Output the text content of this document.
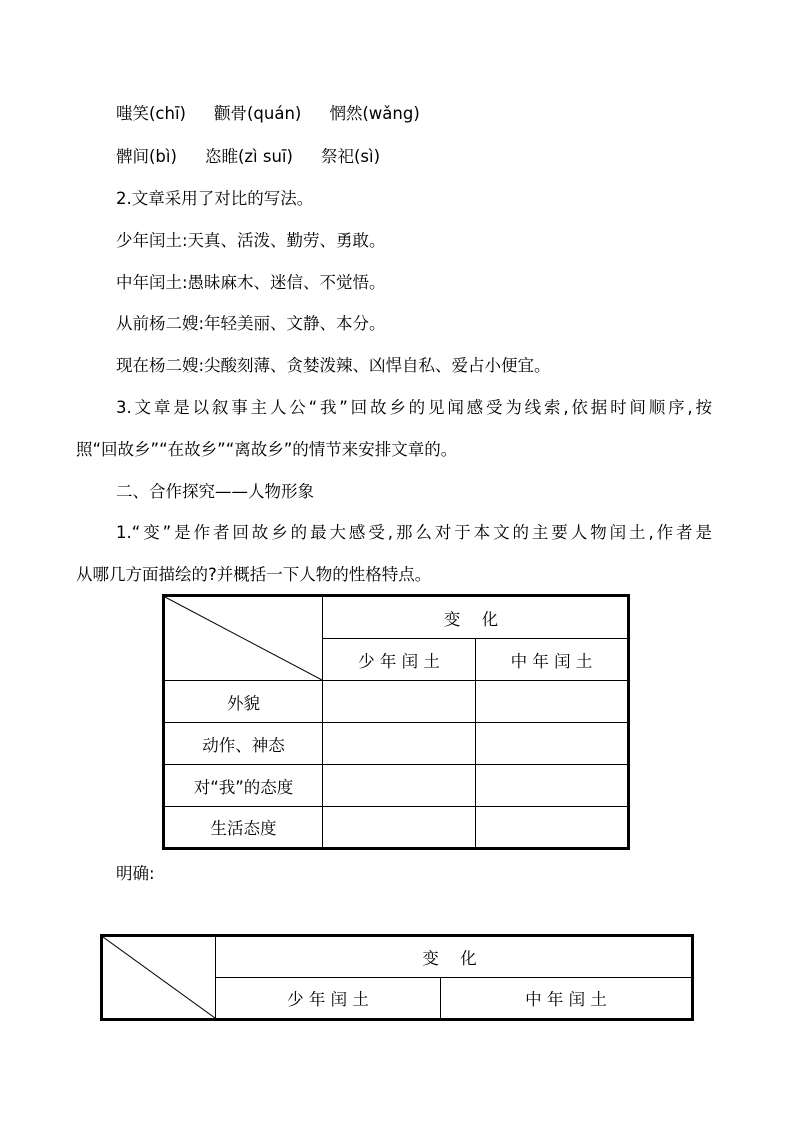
嗤笑(chī) 颧骨(quán) 惘然(wǎng)
髀间(bì) 恣睢(zì suī) 祭祀(sì)
2.文章采用了对比的写法。
少年闰土:天真、活泼、勤劳、勇敢。
中年闰土:愚昧麻木、迷信、不觉悟。
从前杨二嫂:年轻美丽、文静、本分。
现在杨二嫂:尖酸刻薄、贪婪泼辣、凶悍自私、爱占小便宜。
3.文章是以叙事主人公“我”回故乡的见闻感受为线索,依据时间顺序,按
照“回故乡”“在故乡”“离故乡”的情节来安排文章的。
二、合作探究——人物形象
1.“变”是作者回故乡的最大感受,那么对于本文的主要人物闰土,作者是
从哪几方面描绘的?并概括一下人物的性格特点。
	变 化	
	少 年 闰 土	中 年 闰 土
外貌		
动作、神态		
对“我”的态度		
生活态度		
明确:
	变 化	
	少 年 闰 土	中 年 闰 土
